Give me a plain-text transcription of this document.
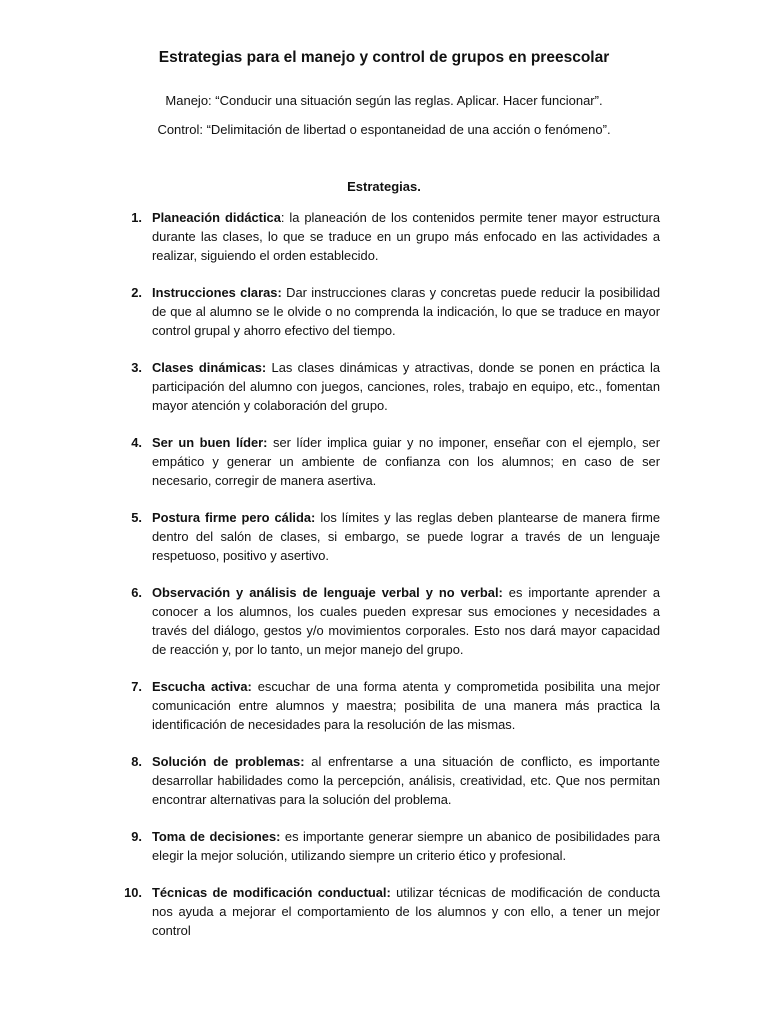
Estrategias para el manejo y control de grupos en preescolar
Manejo: “Conducir una situación según las reglas. Aplicar. Hacer funcionar”.
Control: “Delimitación de libertad o espontaneidad de una acción o fenómeno”.
Estrategias.
1. Planeación didáctica: la planeación de los contenidos permite tener mayor estructura durante las clases, lo que se traduce en un grupo más enfocado en las actividades a realizar, siguiendo el orden establecido.
2. Instrucciones claras: Dar instrucciones claras y concretas puede reducir la posibilidad de que al alumno se le olvide o no comprenda la indicación, lo que se traduce en mayor control grupal y ahorro efectivo del tiempo.
3. Clases dinámicas: Las clases dinámicas y atractivas, donde se ponen en práctica la participación del alumno con juegos, canciones, roles, trabajo en equipo, etc., fomentan mayor atención y colaboración del grupo.
4. Ser un buen líder: ser líder implica guiar y no imponer, enseñar con el ejemplo, ser empático y generar un ambiente de confianza con los alumnos; en caso de ser necesario, corregir de manera asertiva.
5. Postura firme pero cálida: los límites y las reglas deben plantearse de manera firme dentro del salón de clases, si embargo, se puede lograr a través de un lenguaje respetuoso, positivo y asertivo.
6. Observación y análisis de lenguaje verbal y no verbal: es importante aprender a conocer a los alumnos, los cuales pueden expresar sus emociones y necesidades a través del diálogo, gestos y/o movimientos corporales. Esto nos dará mayor capacidad de reacción y, por lo tanto, un mejor manejo del grupo.
7. Escucha activa: escuchar de una forma atenta y comprometida posibilita una mejor comunicación entre alumnos y maestra; posibilita de una manera más practica la identificación de necesidades para la resolución de las mismas.
8. Solución de problemas: al enfrentarse a una situación de conflicto, es importante desarrollar habilidades como la percepción, análisis, creatividad, etc. Que nos permitan encontrar alternativas para la solución del problema.
9. Toma de decisiones: es importante generar siempre un abanico de posibilidades para elegir la mejor solución, utilizando siempre un criterio ético y profesional.
10. Técnicas de modificación conductual: utilizar técnicas de modificación de conducta nos ayuda a mejorar el comportamiento de los alumnos y con ello, a tener un mejor control
